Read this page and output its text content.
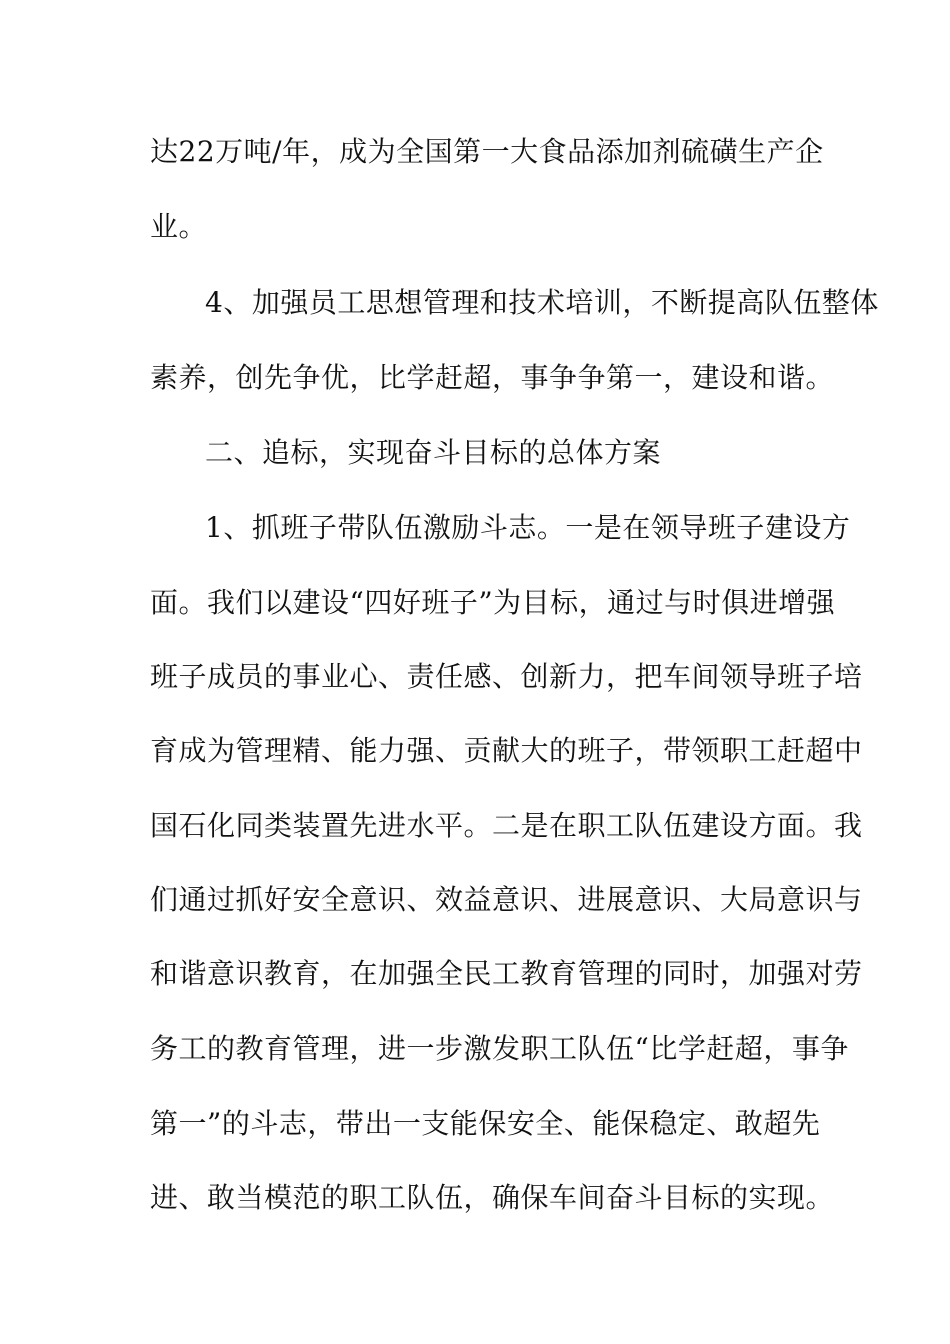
达22万吨/年，成为全国第一大食品添加剂硫磺生产企
业。
4、加强员工思想管理和技术培训，不断提高队伍整体
素养，创先争优，比学赶超，事争争第一，建设和谐。
二、追标，实现奋斗目标的总体方案
1、抓班子带队伍激励斗志。一是在领导班子建设方
面。我们以建设“四好班子”为目标，通过与时俱进增强
班子成员的事业心、责任感、创新力，把车间领导班子培
育成为管理精、能力强、贡献大的班子，带领职工赶超中
国石化同类装置先进水平。二是在职工队伍建设方面。我
们通过抓好安全意识、效益意识、进展意识、大局意识与
和谐意识教育，在加强全民工教育管理的同时，加强对劳
务工的教育管理，进一步激发职工队伍“比学赶超，事争
第一”的斗志，带出一支能保安全、能保稳定、敢超先
进、敢当模范的职工队伍，确保车间奋斗目标的实现。
